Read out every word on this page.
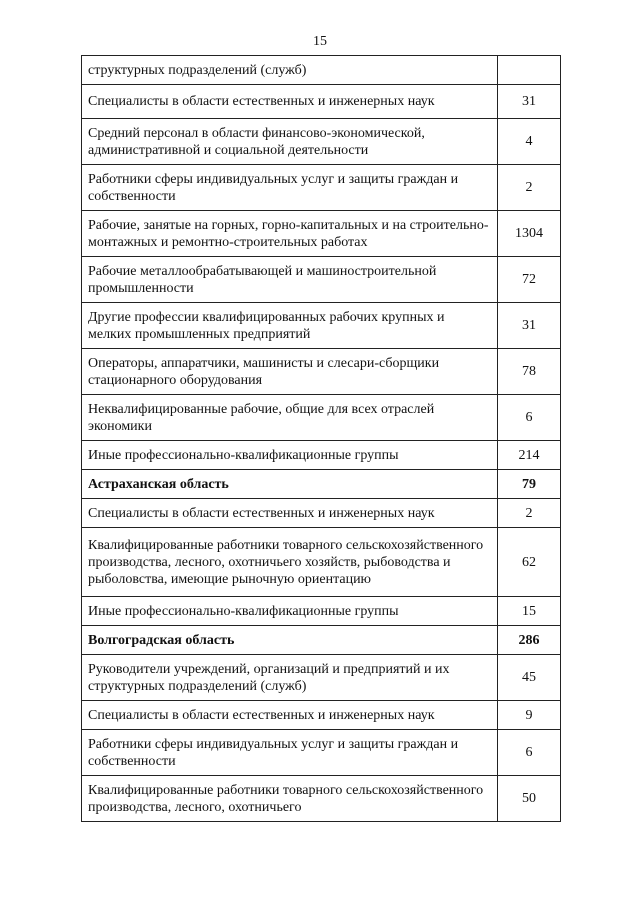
15
структурных подразделений (служб)	
Специалисты в области естественных и инженерных наук	31
Средний персонал в области финансово-экономической, административной и социальной деятельности	4
Работники сферы индивидуальных услуг и защиты граждан и собственности	2
Рабочие, занятые на горных, горно-капитальных и на строительно-монтажных и ремонтно-строительных работах	1304
Рабочие металлообрабатывающей и машиностроительной промышленности	72
Другие профессии квалифицированных рабочих крупных и мелких промышленных предприятий	31
Операторы, аппаратчики, машинисты и слесари-сборщики стационарного оборудования	78
Неквалифицированные рабочие, общие для всех отраслей экономики	6
Иные профессионально-квалификационные группы	214
Астраханская область	79
Специалисты в области естественных и инженерных наук	2
Квалифицированные работники товарного сельскохозяйственного производства, лесного, охотничьего хозяйств, рыбоводства и рыболовства, имеющие рыночную ориентацию	62
Иные профессионально-квалификационные группы	15
Волгоградская область	286
Руководители учреждений, организаций и предприятий и их структурных подразделений (служб)	45
Специалисты в области естественных и инженерных наук	9
Работники сферы индивидуальных услуг и защиты граждан и собственности	6
Квалифицированные работники товарного сельскохозяйственного производства, лесного, охотничьего	50
